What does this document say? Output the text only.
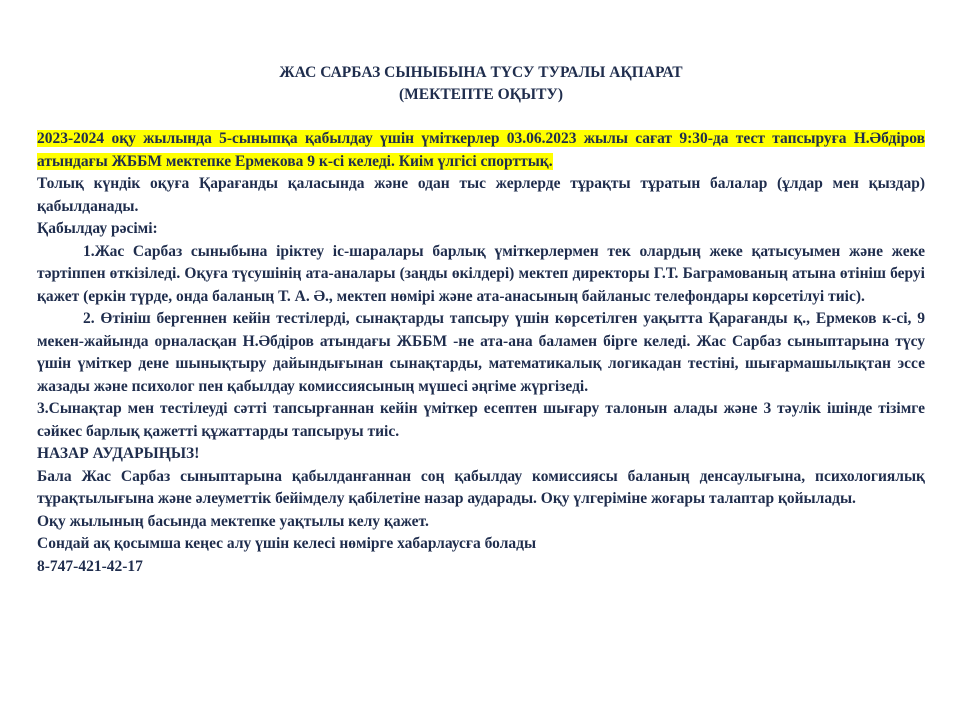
ЖАС САРБАЗ СЫНЫБЫНА ТҮСУ ТУРАЛЫ АҚПАРАТ
(МЕКТЕПТЕ ОҚЫТУ)

2023-2024 оқу жылында 5-сыныпқа қабылдау үшін үміткерлер 03.06.2023 жылы сағат 9:30-да тест тапсыруға Н.Әбдіров атындағы ЖББМ мектепке Ермекова 9 к-сі келеді. Киім үлгісі спорттық.

Толық күндік оқуға Қарағанды қаласында және одан тыс жерлерде тұрақты тұратын балалар (ұлдар мен қыздар) қабылданады.

Қабылдау рәсімі:

1.Жас Сарбаз сыныбына іріктеу іс-шаралары барлық үміткерлермен тек олардың жеке қатысуымен және жеке тәртіппен өткізіледі. Оқуға түсушінің ата-аналары (заңды өкілдері) мектеп директоры Г.Т. Баграмованың атына өтініш беруі қажет (еркін түрде, онда баланың Т. А. Ә., мектеп нөмірі және ата-анасының байланыс телефондары көрсетілуі тиіс).

2. Өтініш бергеннен кейін тестілерді, сынақтарды тапсыру үшін көрсетілген уақытта Қарағанды қ., Ермеков к-сі, 9 мекен-жайында орналасқан Н.Әбдіров атындағы ЖББМ -не ата-ана баламен бірге келеді. Жас Сарбаз сыныптарына түсу үшін үміткер дене шынықтыру дайындығынан сынақтарды, математикалық логикадан тестіні, шығармашылықтан эссе жазады және психолог пен қабылдау комиссиясының мүшесі әңгіме жүргізеді.

3.Сынақтар мен тестілеуді сәтті тапсырғаннан кейін үміткер есептен шығару талонын алады және 3 тәулік ішінде тізімге сәйкес барлық қажетті құжаттарды тапсыруы тиіс.

НАЗАР АУДАРЫҢЫЗ!

Бала Жас Сарбаз сыныптарына қабылданғаннан соң қабылдау комиссиясы баланың денсаулығына, психологиялық тұрақтылығына және әлеуметтік бейімделу қабілетіне назар аударады. Оқу үлгеріміне жоғары талаптар қойылады.

Оқу жылының басында мектепке уақтылы келу қажет.

Сондай ақ қосымша кеңес алу үшін келесі нөмірге хабарлаусға болады

8-747-421-42-17
